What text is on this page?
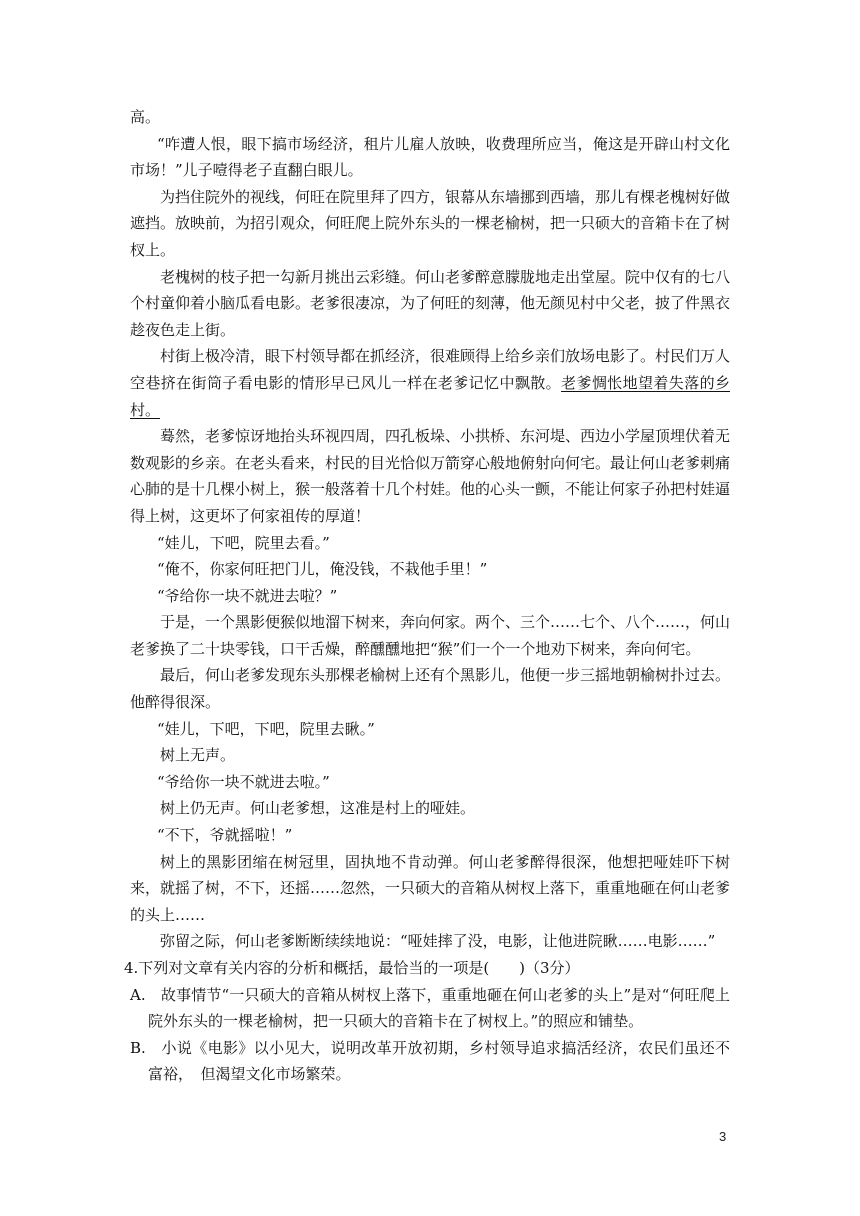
高。

“咋遭人恨，眼下搞市场经济，租片儿雇人放映，收费理所应当，俺这是开辟山村文化市场！”儿子噎得老子直翻白眼儿。

为挡住院外的视线，何旺在院里拜了四方，银幕从东墙挪到西墙，那儿有棵老槐树好做遮挡。放映前，为招引观众，何旺爬上院外东头的一棵老榆树，把一只硕大的音箱卡在了树杈上。

老槐树的枝子把一勾新月挑出云彩缝。何山老爹醉意朦胧地走出堂屋。院中仅有的七八个村童仰着小脑瓜看电影。老爹很凄凉，为了何旺的刻薄，他无颜见村中父老，披了件黑衣趁夜色走上街。

村街上极冷清，眼下村领导都在抓经济，很难顾得上给乡亲们放场电影了。村民们万人空巷挤在街筒子看电影的情形早已风儿一样在老爹记忆中飘散。老爹惆怅地望着失落的乡村。

蓦然，老爹惊讶地抬头环视四周，四孔板垛、小拱桥、东河堤、西边小学屋顶埋伏着无数观影的乡亲。在老头看来，村民的目光恰似万箭穿心般地俯射向何宅。最让何山老爹刺痛心肺的是十几棵小树上，猴一般落着十几个村娃。他的心头一颤，不能让何家子孙把村娃逼得上树，这更坏了何家祖传的厚道！

“娃儿，下吧，院里去看。”

“俺不，你家何旺把门儿，俺没钱，不栽他手里！”

“爷给你一块不就进去啦？”

于是，一个黑影便猴似地溜下树来，奔向何家。两个、三个……七个、八个……，何山老爹换了二十块零钱，口干舌燥，醉醺醺地把“猴”们一个一个地劝下树来，奔向何宅。

最后，何山老爹发现东头那棵老榆树上还有个黑影儿，他便一步三摇地朝榆树扑过去。他醉得很深。

“娃儿，下吧，下吧，院里去瞅。”

树上无声。

“爷给你一块不就进去啦。”

树上仍无声。何山老爹想，这准是村上的哑娃。

“不下，爷就摇啦！”

树上的黑影团缩在树冠里，固执地不肯动弹。何山老爹醉得很深，他想把哑娃吓下树来，就摇了树，不下，还摇……忽然，一只硕大的音箱从树杈上落下，重重地砸在何山老爹的头上……

弥留之际，何山老爹断断续续地说：“哑娃摔了没，电影，让他进院瞅……电影……”

4.下列对文章有关内容的分析和概括，最恰当的一项是(　　)（3分）

A.　故事情节“一只硕大的音箱从树杈上落下，重重地砸在何山老爹的头上”是对“何旺爬上院外东头的一棵老榆树，把一只硕大的音箱卡在了树杈上。”的照应和铺垫。

B.　小说《电影》以小见大，说明改革开放初期，乡村领导追求搞活经济，农民们虽还不富裕，　但渴望文化市场繁荣。

3
